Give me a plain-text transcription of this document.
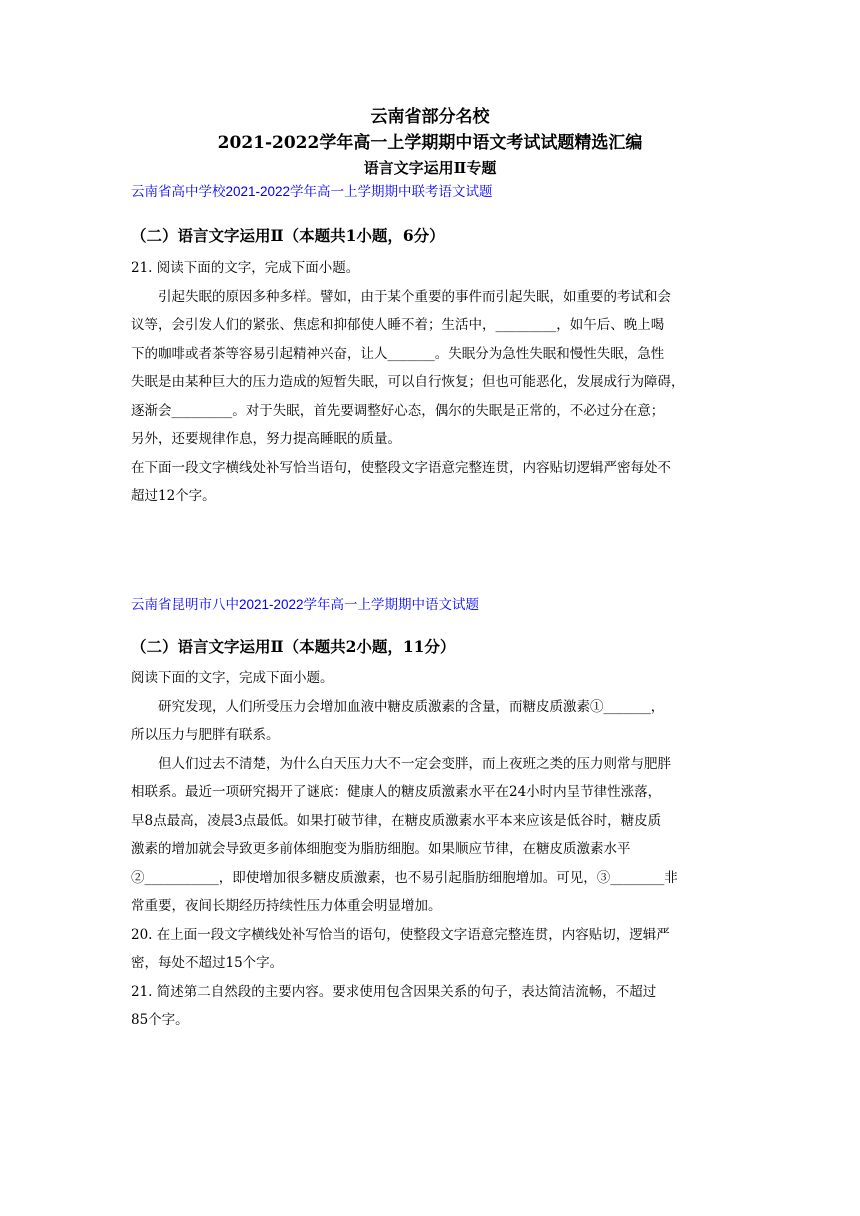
云南省部分名校
2021-2022学年高一上学期期中语文考试试题精选汇编
语言文字运用Ⅱ专题
云南省高中学校2021-2022学年高一上学期期中联考语文试题
（二）语言文字运用Ⅱ（本题共1小题，6分）

21. 阅读下面的文字，完成下面小题。

引起失眠的原因多种多样。譬如，由于某个重要的事件而引起失眠，如重要的考试和会

议等，会引发人们的紧张、焦虑和抑郁使人睡不着；生活中，_________，如午后、晚上喝

下的咖啡或者茶等容易引起精神兴奋，让人_______。失眠分为急性失眠和慢性失眠，急性

失眠是由某种巨大的压力造成的短暂失眠，可以自行恢复；但也可能恶化，发展成行为障碍，

逐渐会_________。对于失眠，首先要调整好心态，偶尔的失眠是正常的，不必过分在意；

另外，还要规律作息，努力提高睡眠的质量。

在下面一段文字横线处补写恰当语句，使整段文字语意完整连贯，内容贴切逻辑严密每处不

超过12个字。

云南省昆明市八中2021-2022学年高一上学期期中语文试题
（二）语言文字运用Ⅱ（本题共2小题，11分）

阅读下面的文字，完成下面小题。

研究发现，人们所受压力会增加血液中糖皮质激素的含量，而糖皮质激素①_______，

所以压力与肥胖有联系。

但人们过去不清楚，为什么白天压力大不一定会变胖，而上夜班之类的压力则常与肥胖

相联系。最近一项研究揭开了谜底：健康人的糖皮质激素水平在24小时内呈节律性涨落，

早8点最高，凌晨3点最低。如果打破节律，在糖皮质激素水平本来应该是低谷时，糖皮质

激素的增加就会导致更多前体细胞变为脂肪细胞。如果顺应节律，在糖皮质激素水平

②___________，即使增加很多糖皮质激素，也不易引起脂肪细胞增加。可见，③________非

常重要，夜间长期经历持续性压力体重会明显增加。

20. 在上面一段文字横线处补写恰当的语句，使整段文字语意完整连贯，内容贴切，逻辑严

密，每处不超过15个字。

21. 简述第二自然段的主要内容。要求使用包含因果关系的句子，表达简洁流畅，不超过

85个字。
